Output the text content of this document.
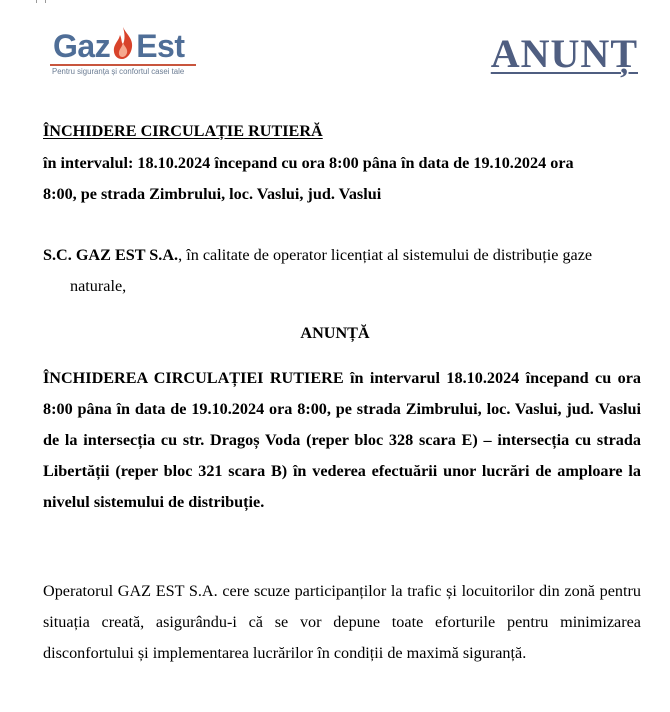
Gaz Est
Pentru siguranța și confortul casei tale	ANUNȚ
ÎNCHIDERE CIRCULAȚIE RUTIERĂ
în intervalul: 18.10.2024 începand cu ora 8:00 pâna în data de 19.10.2024 ora
8:00, pe strada Zimbrului, loc. Vaslui, jud. Vaslui
S.C. GAZ EST S.A., în calitate de operator licențiat al sistemului de distribuție gaze
naturale,
ANUNȚĂ
ÎNCHIDEREA CIRCULAȚIEI RUTIERE în intervarul 18.10.2024 începand cu ora 8:00 pâna în data de 19.10.2024 ora 8:00, pe strada Zimbrului, loc. Vaslui, jud. Vaslui de la intersecția cu str. Dragoș Voda (reper bloc 328 scara E) – intersecția cu strada Libertății (reper bloc 321 scara B) în vederea efectuării unor lucrări de amploare la nivelul sistemului de distribuție.
Operatorul GAZ EST S.A. cere scuze participanților la trafic și locuitorilor din zonă pentru situația creată, asigurându-i că se vor depune toate eforturile pentru minimizarea disconfortului și implementarea lucrărilor în condiții de maximă siguranță.
